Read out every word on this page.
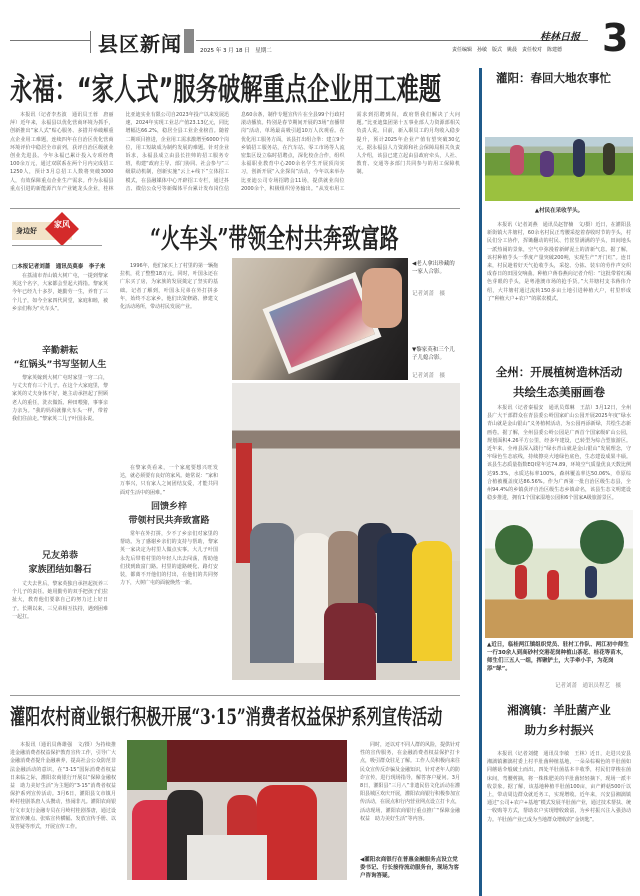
县区新闻	2025 年 3 月 18 日　星期二
桂林日报
责任编辑　孙敏　版式　姚晨　责任校对　陈建德 3
永福：“家人式”服务破解重点企业用工难题
本报讯（记者李杰波　通讯员王蓉　唐丽萍）近年来，永福县以优化营商环境为抓手，创新推出“家人式”贴心服务、多措并举破解重点企业用工难题，连续四年在自治区优化营商环境评价中稳居全市前列，获评自治区级就业创业先进县。今年永福已累计投入专项经费100余万元，通过双联系在两个月内完成招工1250人，预计3月总招工人数将突破3000人，有效保障重点企业生产需求。作为永福县重点引进的新能源汽车产业链龙头企业，桂林比亚迪实业有限公司自2023年投产以来发展迅速，2024年实现工业总产值23.13亿元，同比增幅达66.2%，稳居全县工业企业榜首。随着二期项目推进，企业用工需求激增至6000个岗位，用工短缺成为制约发展的难题。针对企业诉求，永福县成立由县长挂帅的招工服务专班，构建“政府主导、部门协同、社会参与”三级联动机制，创新实施“云上+线下”立体招工模式，在县融媒体中心开辟招工专栏，通过抖音、微信公众号等新媒体平台累计发布岗位信息60余条，制作专题宣传片在全县99个行政村滚动播放。特别是春节期间开展的3场“直播带岗”活动，单场最高吸引超10万人次观看。在优化用工服务方面，该县打出组合拳：建立9个乡镇招工服务站，在汽车站、零工市场等人流密集区设立临时招聘点，深化校企合作，组织永福职业教育中心200余名学生开展顶岗实习，创新开展“入企探岗”活动，今年以来举办比亚迪公司专场招聘会11场，提供就业岗位2000余个，积极组织劳务输出。“从发布用工需求到招聘到岗，政府帮我们解决了大问题。”比亚迪集团第十五事业部人力资源部相关负责人说。目前，新入职员工的月均收入稳步提升，预计2025年企业产值有望突破30亿元。据永福县人力资源和社会保障局相关负责人介绍，该县已建立起由县政府牵头，人社、教育、交通等多部门共同参与的用工保障机制。
身边好
家风	“火车头”带领全村共奔致富路
□本报记者刘蔷　通讯员莫泰　李子来
在荔浦市青山镇大树广屯，一提到黎家英这个名字，大家都会竖起大拇指。黎家英今年已经九十多岁，她勤劳一生，养育了三个儿子，如今全家四代同堂，家庭和睦，被乡亲们称为“火车头”。
辛勤耕耘
“红锅头”书写坚韧人生
黎家英嫁到大树广屯时家里一穷二白，与丈夫育有三个儿子。在这个大家庭里，黎家英的丈夫身体不好，她主动承担起了照顾老人的重任，洗衣做饭、种田喂猪，事事亲力亲为。“我的妈妈就像火车头一样，带着我们往前走。”黎家英二儿子叶国永说。
兄友弟恭
家族团结如磐石
丈夫去世后，黎家英独自承担起抚养三个儿子的责任。她用勤劳的双手把孩子们拉扯大，教育他们要靠自己的努力过上好日子。长期以来，三兄弟相互扶持，遇到困难一起扛。
1996年，他们家买上了村里的第一辆拖拉机，花了整整18万元。同时，叶国永还在广东买了房，为家族的发展奠定了坚实的基础。记者了解到，叶国永兄弟在外打拼多年，始终不忘家乡。他们出资修路、修建文化活动场所，带动村民发展产业。
在黎家英看来，一个家庭要想兴旺发达，就必须要有良好的家风。她常说：“家和万事兴，只有家人之间团结友爱，才能共同面对生活中的困难。”
回馈乡梓
带领村民共奔致富路
常年在外打拼，少不了乡亲们对家里的帮助。为了感谢乡亲们的支持与帮助，黎家英一家决定为村里人做点实事。大儿子叶国永先后带着村里的年轻人出去闯荡，帮助他们找到致富门路。村里的道路硬化、路灯安装，都离不开他们的付出，在他们的共同努力下，大树广屯的面貌焕然一新。
◀老人拿出珍藏的一家人合影。
记者刘蔷　摄
▼黎家英和三个儿子儿媳合影。
记者刘蔷　摄
灌阳农村商业银行积极开展“3·15”消费者权益保护系列宣传活动
本报讯（通讯员蒋雄强　文/摄）为持续推进金融消费者权益保护教育宣传工作，引导广大金融消费者提升金融素养，提高社会公众防范非法金融活动的意识，在“3·15”国际消费者权益日来临之际，灌阳农商银行开展以“保障金融权益　助力美好生活”为主题的“3·15”消费者权益保护系列宣传活动。3月6日，灌阳县文市镇月岭村桂剧茶唐人头攒动，热闹非凡。灌阳农商银行文市支行金融专员在月岭村桂剧茶唐，通过设置宣传摊点、张贴宣传横幅、发放宣传手册、以及答疑等形式，开展宣传工作。
同时，还以对不同人群的风险，提供针对性的宣传服务，在金融消费者权益保护打卡点，吸引群众驻足了解。工作人员积极向来往民众宣传反诈骗及金融知识，针对老年人的防诈宣传，进行现场指导，解答客户疑问。3月8日，灌阳县“三月八”非遗民俗文化活动在灌阳县城区欢庆开展，灌阳农商银行积极参加宣传活动，在展点和行内营业网点设立打卡点，活动现场，灌阳农商银行重点推广“保障金融权益　助力美好生活”等内容。
◀灌阳农商银行在普惠金融服务点设立党委书记、行长接待流动服务台，现场为客户咨询答疑。
灌阳：春回大地农事忙
▲村民在采收芋头。
本报讯（记者刘燕　通讯员赵智楠　文/摄）近日，在灌阳县新街镇大井塘村，60余名村民正弯腰采挖着春收时节的芋头，村民们分工协作，挥锄翻动的村民、竹筐里满满的芋头，田间地头一派热闹的景象，空气中弥漫着新鲜泥土的清新气息。据了解，该村种植芋头一季度产量突破200吨，实现生产“开门红”。连日来，村民趁着好天气抢收芋头，采挖、分拣、装车的劳作声交织成春日的田园交响曲。种植户蒋春燕向记者介绍：“这批带着红褐色芽眼的芋头，是粤港澳市场的抢手货。”大井塘村支书蒋伟介绍，大井塘村通过流转150多亩土地引进种植大户，村里形成了“种植大户+农户”的联农模式。
全州：开展植树造林活动
共绘生态美丽画卷
本报讯（记者秦福安　通讯员郑琳　王喆）3月12日，全州县广大干部群众在青县委公岭国家矿山公园开展2025年度“绿水青山就是金山银山”义务植树活动，为公园再添新绿，共绘生态新画卷。据了解，全州县委公岭公园是广西首个国家级矿山公园，规划面积4.26平方公里，经多年建设，已转型为综合型旅游区。近年来，全州县深入践行“绿水青山就是金山银山”发展理念，守牢绿色生态底线，持续擦亮大地绿色底色，生态建设成果丰硕。该县生态质量指数EQI常年达74.89，环境空气质量优良天数比例达95.3%，水质达标率100%，森林覆盖率达50.06%，草原综合植被覆盖度达86.56%。作为广西第一批自治区级生态县，全州94.4%的乡镇获评自治区级生态乡镇命名，该县生态文明建设稳步推进，拥有1个国家湿地公园和6个国家A级旅游景区。
▲近日，临桂两江镇组织党员、驻村工作队、两江初中师生一行30余人到高砂村交港花岗种植山茶花、桂花等苗木，师生们三五人一组，挥锹铲土，大手牵小手，为花岗添“绿”。
记者刘蔷　通讯员程艺　摄
湘漓镇：羊肚菌产业
助力乡村振兴
本报讯（记者刘健　通讯员李敏　王林）近日，走进兴安县湘漓镇湘漓村委上村羊肚菌种植基地，一朵朵棕褐色的羊肚菌如同蘑菇伞般破土而出，四处羊肚菌基本丰收季，村民们穿梭在菌床间，弯腰剪摘，将一株株肥美的羊肚菌轻轻摘下，现场一派丰收景象。据了解，该基地种植羊肚菌100亩，亩产鲜菇500斤以上，带动周边群众就近务工，实现增收。近年来，兴安县湘漓镇通过“公司+农户+基地”模式发展羊肚菌产业，通过技术帮扶、统一收购等方式，帮助农户实现增收致富，为乡村振兴注入强劲动力。羊肚菌产业已成为当地群众增收的“金钥匙”。
